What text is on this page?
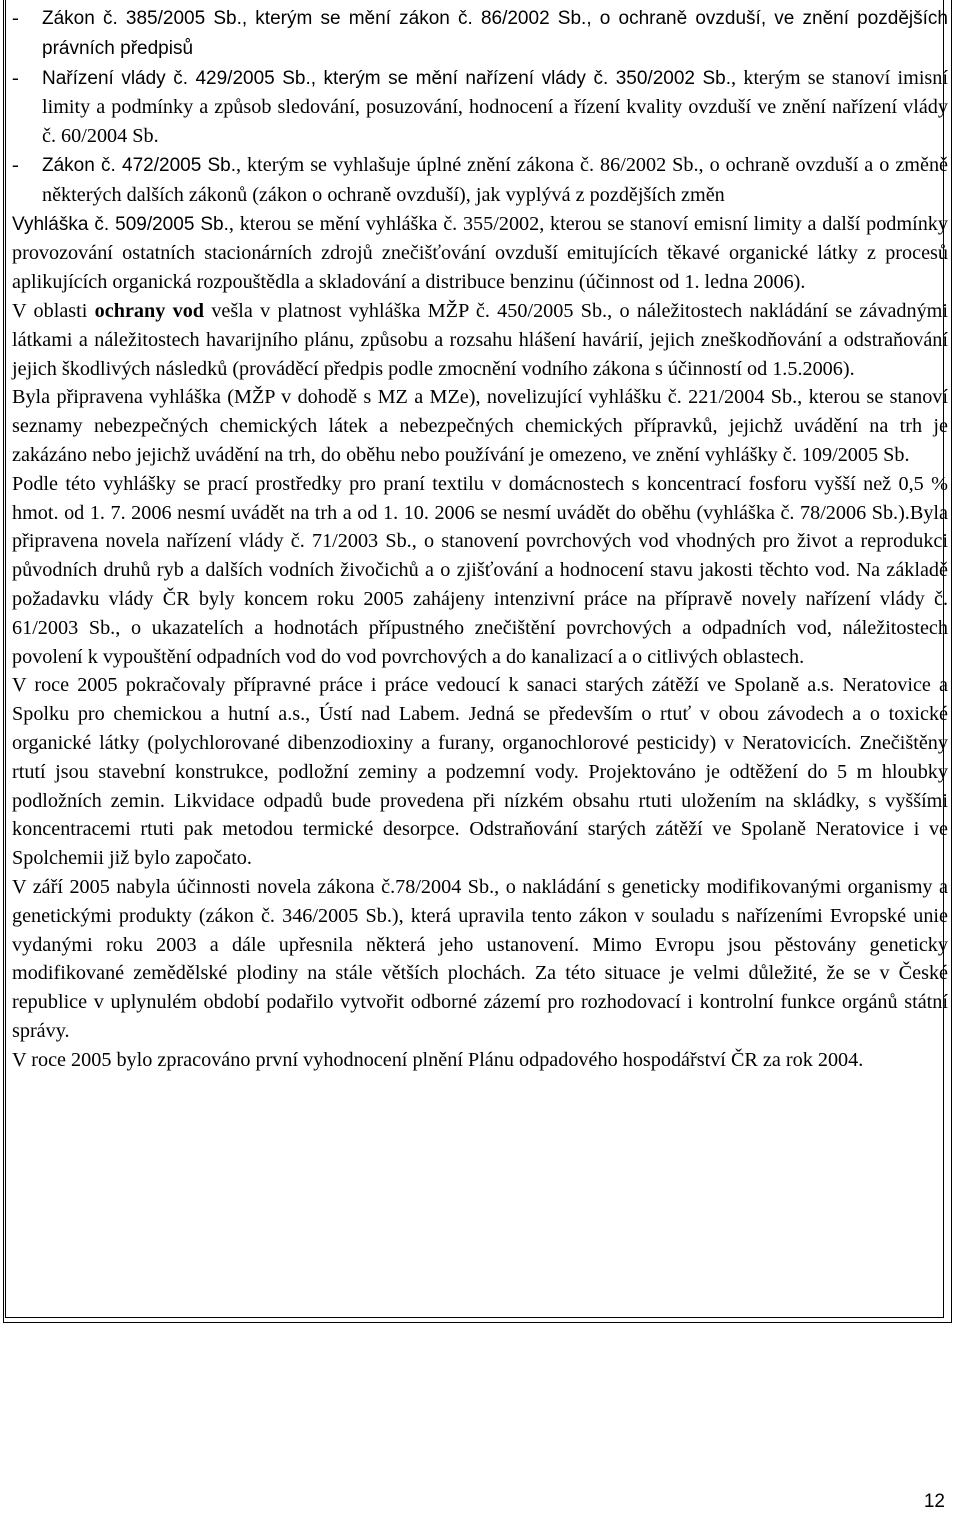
- Zákon č. 385/2005 Sb., kterým se mění zákon č. 86/2002 Sb., o ochraně ovzduší, ve znění pozdějších právních předpisů
- Nařízení vlády č. 429/2005 Sb., kterým se mění nařízení vlády č. 350/2002 Sb., kterým se stanoví imisní limity a podmínky a způsob sledování, posuzování, hodnocení a řízení kvality ovzduší ve znění nařízení vlády č. 60/2004 Sb.
- Zákon č. 472/2005 Sb., kterým se vyhlašuje úplné znění zákona č. 86/2002 Sb., o ochraně ovzduší a o změně některých dalších zákonů (zákon o ochraně ovzduší), jak vyplývá z pozdějších změn

Vyhláška č. 509/2005 Sb., kterou se mění vyhláška č. 355/2002, kterou se stanoví emisní limity a další podmínky provozování ostatních stacionárních zdrojů znečišťování ovzduší emitujících těkavé organické látky z procesů aplikujících organická rozpouštědla a skladování a distribuce benzinu (účinnost od 1. ledna 2006).

V oblasti ochrany vod vešla v platnost vyhláška MŽP č. 450/2005 Sb., o náležitostech nakládání se závadnými látkami a náležitostech havarijního plánu, způsobu a rozsahu hlášení havárií, jejich zneškodňování a odstraňování jejich škodlivých následků (prováděcí předpis podle zmocnění vodního zákona s účinností od 1.5.2006).

Byla připravena vyhláška (MŽP v dohodě s MZ a MZe), novelizující vyhlášku č. 221/2004 Sb., kterou se stanoví seznamy nebezpečných chemických látek a nebezpečných chemických přípravků, jejichž uvádění na trh je zakázáno nebo jejichž uvádění na trh, do oběhu nebo používání je omezeno, ve znění vyhlášky č. 109/2005 Sb.

Podle této vyhlášky se prací prostředky pro praní textilu v domácnostech s koncentrací fosforu vyšší než 0,5 % hmot. od 1. 7. 2006 nesmí uvádět na trh a od 1. 10. 2006 se nesmí uvádět do oběhu (vyhláška č. 78/2006 Sb.).Byla připravena novela nařízení vlády č. 71/2003 Sb., o stanovení povrchových vod vhodných pro život a reprodukci původních druhů ryb a dalších vodních živočichů a o zjišťování a hodnocení stavu jakosti těchto vod. Na základě požadavku vlády ČR byly koncem roku 2005 zahájeny intenzivní práce na přípravě novely nařízení vlády č. 61/2003 Sb., o ukazatelích a hodnotách přípustného znečištění povrchových a odpadních vod, náležitostech povolení k vypouštění odpadních vod do vod povrchových a do kanalizací a o citlivých oblastech.

V roce 2005 pokračovaly přípravné práce i práce vedoucí k sanaci starých zátěží ve Spolaně a.s. Neratovice a Spolku pro chemickou a hutní a.s., Ústí nad Labem. Jedná se především o rtuť v obou závodech a o toxické organické látky (polychlorované dibenzodioxiny a furany, organochlorové pesticidy) v Neratovicích. Znečištěny rtutí jsou stavební konstrukce, podložní zeminy a podzemní vody. Projektováno je odtěžení do 5 m hloubky podložních zemin. Likvidace odpadů bude provedena při nízkém obsahu rtuti uložením na skládky, s vyššími koncentracemi rtuti pak metodou termické desorpce. Odstraňování starých zátěží ve Spolaně Neratovice i ve Spolchemii již bylo započato.

V září 2005 nabyla účinnosti novela zákona č.78/2004 Sb., o nakládání s geneticky modifikovanými organismy a genetickými produkty (zákon č. 346/2005 Sb.), která upravila tento zákon v souladu s nařízeními Evropské unie vydanými roku 2003 a dále upřesnila některá jeho ustanovení. Mimo Evropu jsou pěstovány geneticky modifikované zemědělské plodiny na stále větších plochách. Za této situace je velmi důležité, že se v České republice v uplynulém období podařilo vytvořit odborné zázemí pro rozhodovací i kontrolní funkce orgánů státní správy.

V roce 2005 bylo zpracováno první vyhodnocení plnění Plánu odpadového hospodářství ČR za rok 2004.

12
